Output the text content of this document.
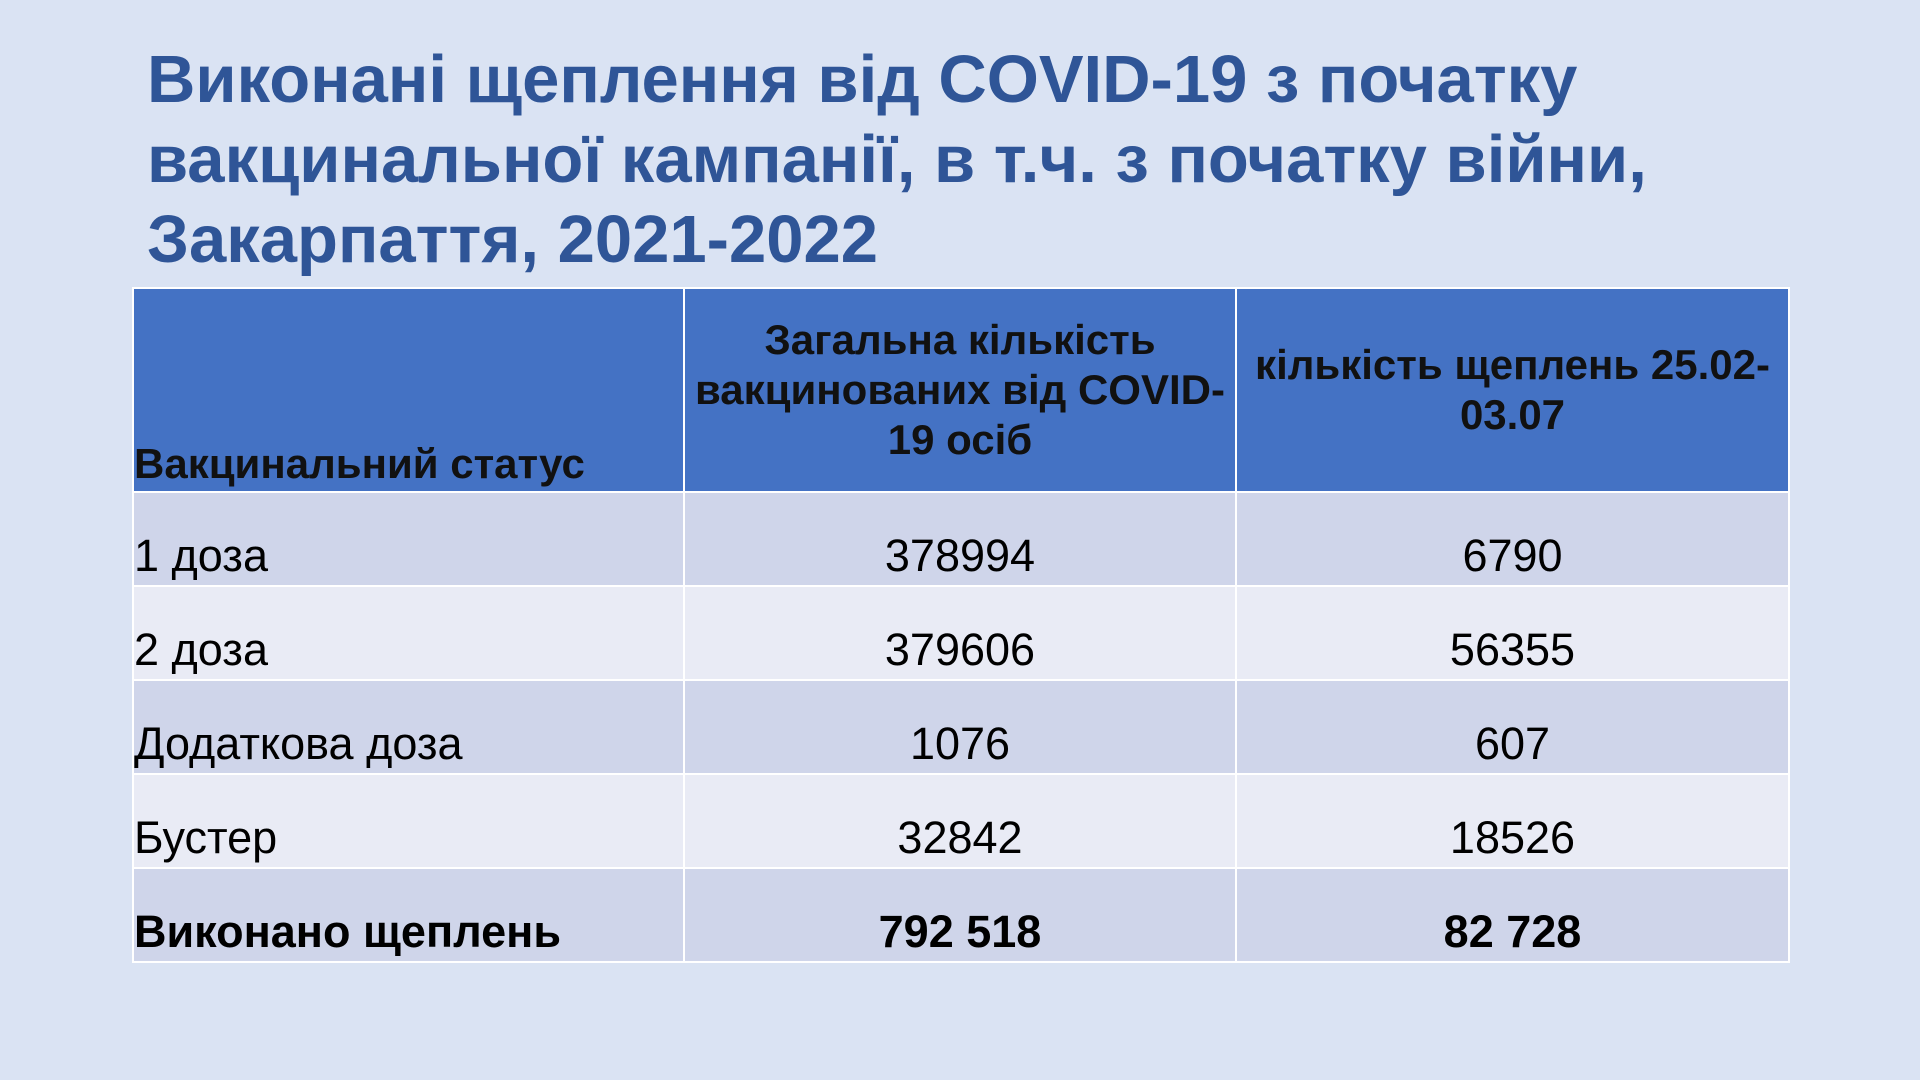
Виконані щеплення від COVID-19 з початку
вакцинальної кампанії, в т.ч. з початку війни,
Закарпаття, 2021-2022
Вакцинальний статус	Загальна кількість вакцинованих від COVID-19 осіб	кількість щеплень 25.02-03.07
1 доза	378994	6790
2 доза	379606	56355
Додаткова доза	1076	607
Бустер	32842	18526
Виконано щеплень	792 518	82 728
